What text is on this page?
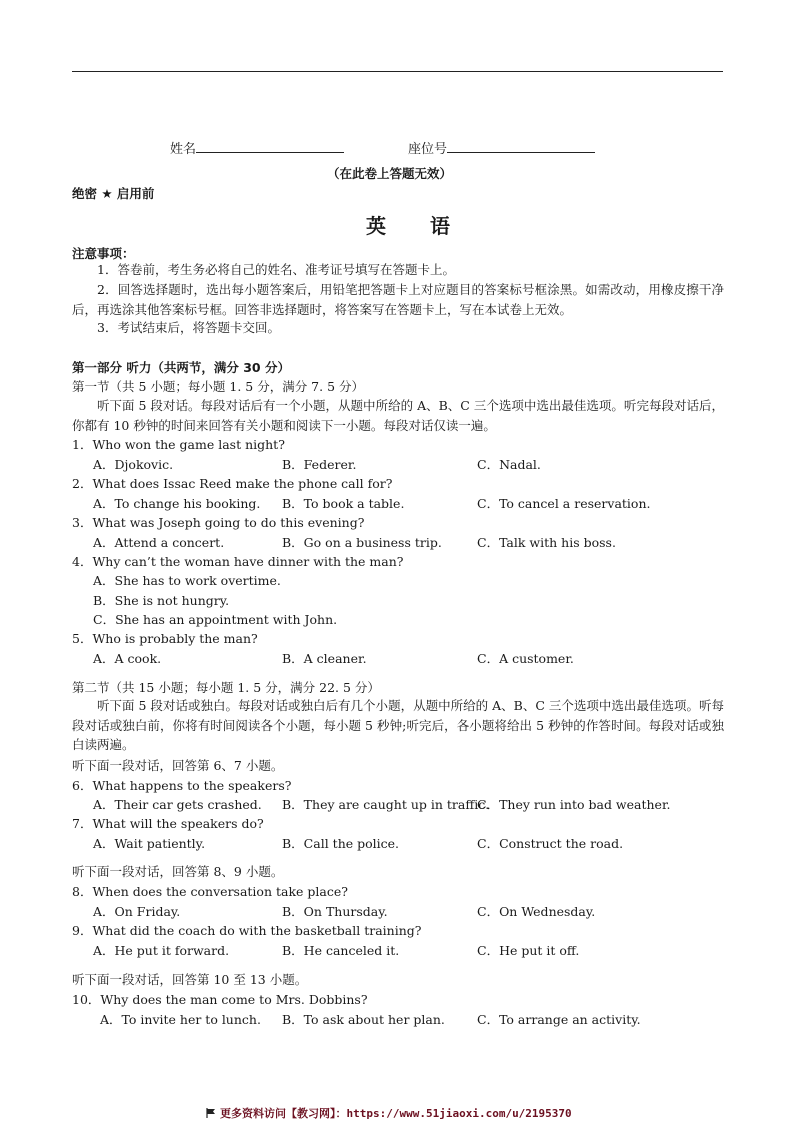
姓名	座位号
（在此卷上答题无效）
绝密 ★ 启用前
英　语
注意事项：
1．答卷前，考生务必将自己的姓名、准考证号填写在答题卡上。
2．回答选择题时，选出每小题答案后，用铅笔把答题卡上对应题目的答案标号框涂黑。如需改动，用橡皮擦干净后，再选涂其他答案标号框。回答非选择题时，将答案写在答题卡上，写在本试卷上无效。
3．考试结束后，将答题卡交回。
第一部分 听力（共两节，满分 30 分）
第一节（共 5 小题；每小题 1. 5 分，满分 7. 5 分）
听下面 5 段对话。每段对话后有一个小题，从题中所给的 A、B、C 三个选项中选出最佳选项。听完每段对话后，你都有 10 秒钟的时间来回答有关小题和阅读下一小题。每段对话仅读一遍。
1．Who won the game last night?
A．Djokovic.	B．Federer.	C．Nadal.
2．What does Issac Reed make the phone call for?
A．To change his booking. B．To book a table.	C．To cancel a reservation.
3．What was Joseph going to do this evening?
A．Attend a concert.	B．Go on a business trip.	C．Talk with his boss.
4．Why can’t the woman have dinner with the man?
A．She has to work overtime.
B．She is not hungry.
C．She has an appointment with John.
5．Who is probably the man?
A．A cook.	B．A cleaner.	C．A customer.
第二节（共 15 小题；每小题 1. 5 分，满分 22. 5 分）
听下面 5 段对话或独白。每段对话或独白后有几个小题，从题中所给的 A、B、C 三个选项中选出最佳选项。听每段对话或独白前，你将有时间阅读各个小题，每小题 5 秒钟;听完后，各小题将给出 5 秒钟的作答时间。每段对话或独白读两遍。
听下面一段对话，回答第 6、7 小题。
6．What happens to the speakers?
A．Their car gets crashed. B．They are caught up in traffic.
C．They run into bad weather.
7．What will the speakers do?
A．Wait patiently.	B．Call the police.	C．Construct the road.
听下面一段对话，回答第 8、9 小题。
8．When does the conversation take place?
A．On Friday.	B．On Thursday.	C．On Wednesday.
9．What did the coach do with the basketball training?
A．He put it forward.	B．He canceled it.	C．He put it off.
听下面一段对话，回答第 10 至 13 小题。
10．Why does the man come to Mrs. Dobbins?
A．To invite her to lunch. B．To ask about her plan.	C．To arrange an activity.
更多资料访问【教习网】：https://www.51jiaoxi.com/u/2195370
